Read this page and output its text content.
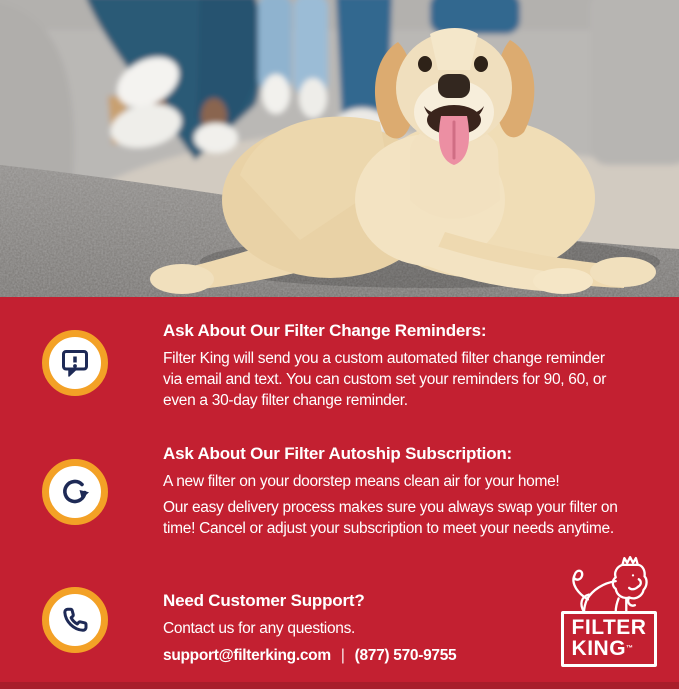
Ask About Our Filter Change Reminders:
Filter King will send you a custom automated filter change reminder via email and text. You can custom set your reminders for 90, 60, or even a 30-day filter change reminder.
Ask About Our Filter Autoship Subscription:
A new filter on your doorstep means clean air for your home!
Our easy delivery process makes sure you always swap your filter on time! Cancel or adjust your subscription to meet your needs anytime.
Need Customer Support?
Contact us for any questions.
support@filterking.com | (877) 570-9755
FILTER
KING™
